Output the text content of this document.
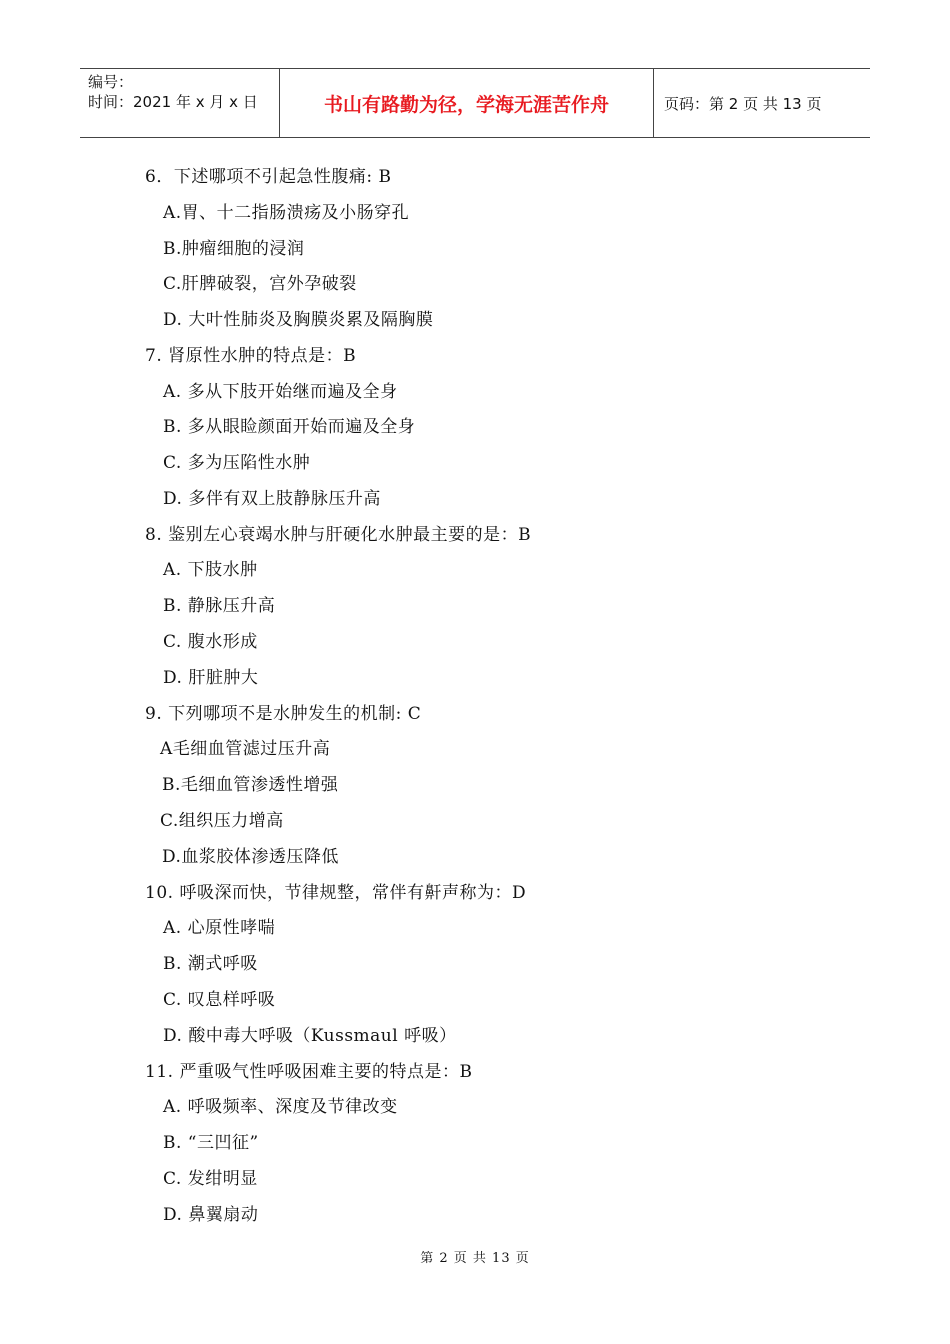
编号：
时间：2021 年 x 月 x 日	书山有路勤为径，学海无涯苦作舟	页码：第 2 页 共 13 页
6．下述哪项不引起急性腹痛: B
A.胃、十二指肠溃疡及小肠穿孔
B.肿瘤细胞的浸润
C.肝脾破裂，宫外孕破裂
D. 大叶性肺炎及胸膜炎累及隔胸膜
7. 肾原性水肿的特点是：B
A. 多从下肢开始继而遍及全身
B. 多从眼睑颜面开始而遍及全身
C. 多为压陷性水肿
D. 多伴有双上肢静脉压升高
8. 鉴别左心衰竭水肿与肝硬化水肿最主要的是：B
A. 下肢水肿
B. 静脉压升高
C. 腹水形成
D. 肝脏肿大
9. 下列哪项不是水肿发生的机制: C
A毛细血管滤过压升高
B.毛细血管渗透性增强
C.组织压力增高
D.血浆胶体渗透压降低
10. 呼吸深而快，节律规整，常伴有鼾声称为：D
A. 心原性哮喘
B. 潮式呼吸
C. 叹息样呼吸
D. 酸中毒大呼吸（Kussmaul 呼吸）
11. 严重吸气性呼吸困难主要的特点是：B
A. 呼吸频率、深度及节律改变
B. “三凹征”
C. 发绀明显
D. 鼻翼扇动
第 2 页 共 13 页
